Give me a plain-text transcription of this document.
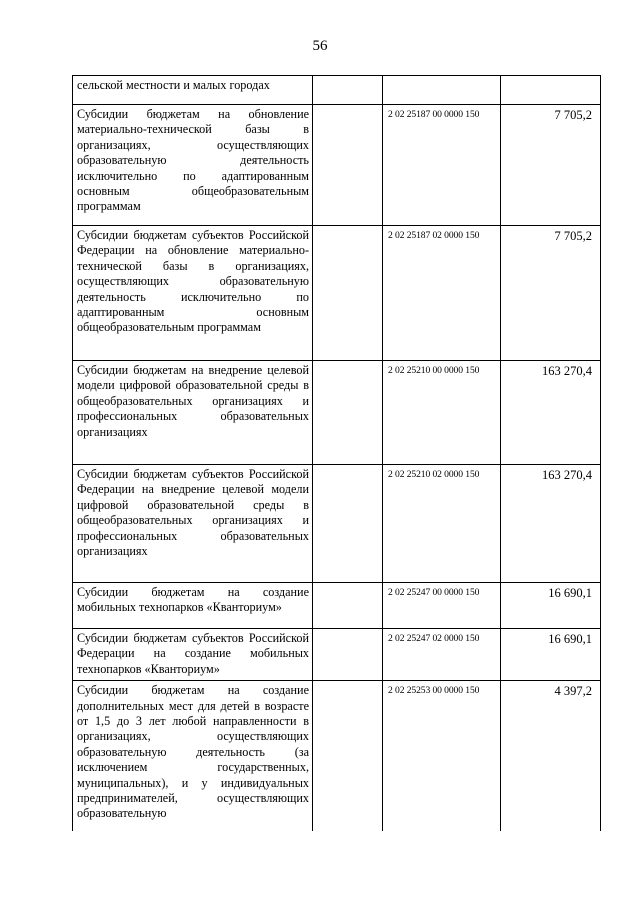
56
сельской местности и малых городах			
Субсидии бюджетам на обновление материально-технической базы в организациях, осуществляющих образовательную деятельность исключительно по адаптированным основным общеобразовательным программам		2 02 25187 00 0000 150	7 705,2
Субсидии бюджетам субъектов Российской Федерации на обновление материально-технической базы в организациях, осуществляющих образовательную деятельность исключительно по адаптированным основным общеобразовательным программам		2 02 25187 02 0000 150	7 705,2
Субсидии бюджетам на внедрение целевой модели цифровой образовательной среды в общеобразовательных организациях и профессиональных образовательных организациях		2 02 25210 00 0000 150	163 270,4
Субсидии бюджетам субъектов Российской Федерации на внедрение целевой модели цифровой образовательной среды в общеобразовательных организациях и профессиональных образовательных организациях		2 02 25210 02 0000 150	163 270,4
Субсидии бюджетам на создание мобильных технопарков «Кванториум»		2 02 25247 00 0000 150	16 690,1
Субсидии бюджетам субъектов Российской Федерации на создание мобильных технопарков «Кванториум»		2 02 25247 02 0000 150	16 690,1
Субсидии бюджетам на создание дополнительных мест для детей в возрасте от 1,5 до 3 лет любой направленности в организациях, осуществляющих образовательную деятельность (за исключением государственных, муниципальных), и у индивидуальных предпринимателей, осуществляющих образовательную		2 02 25253 00 0000 150	4 397,2
